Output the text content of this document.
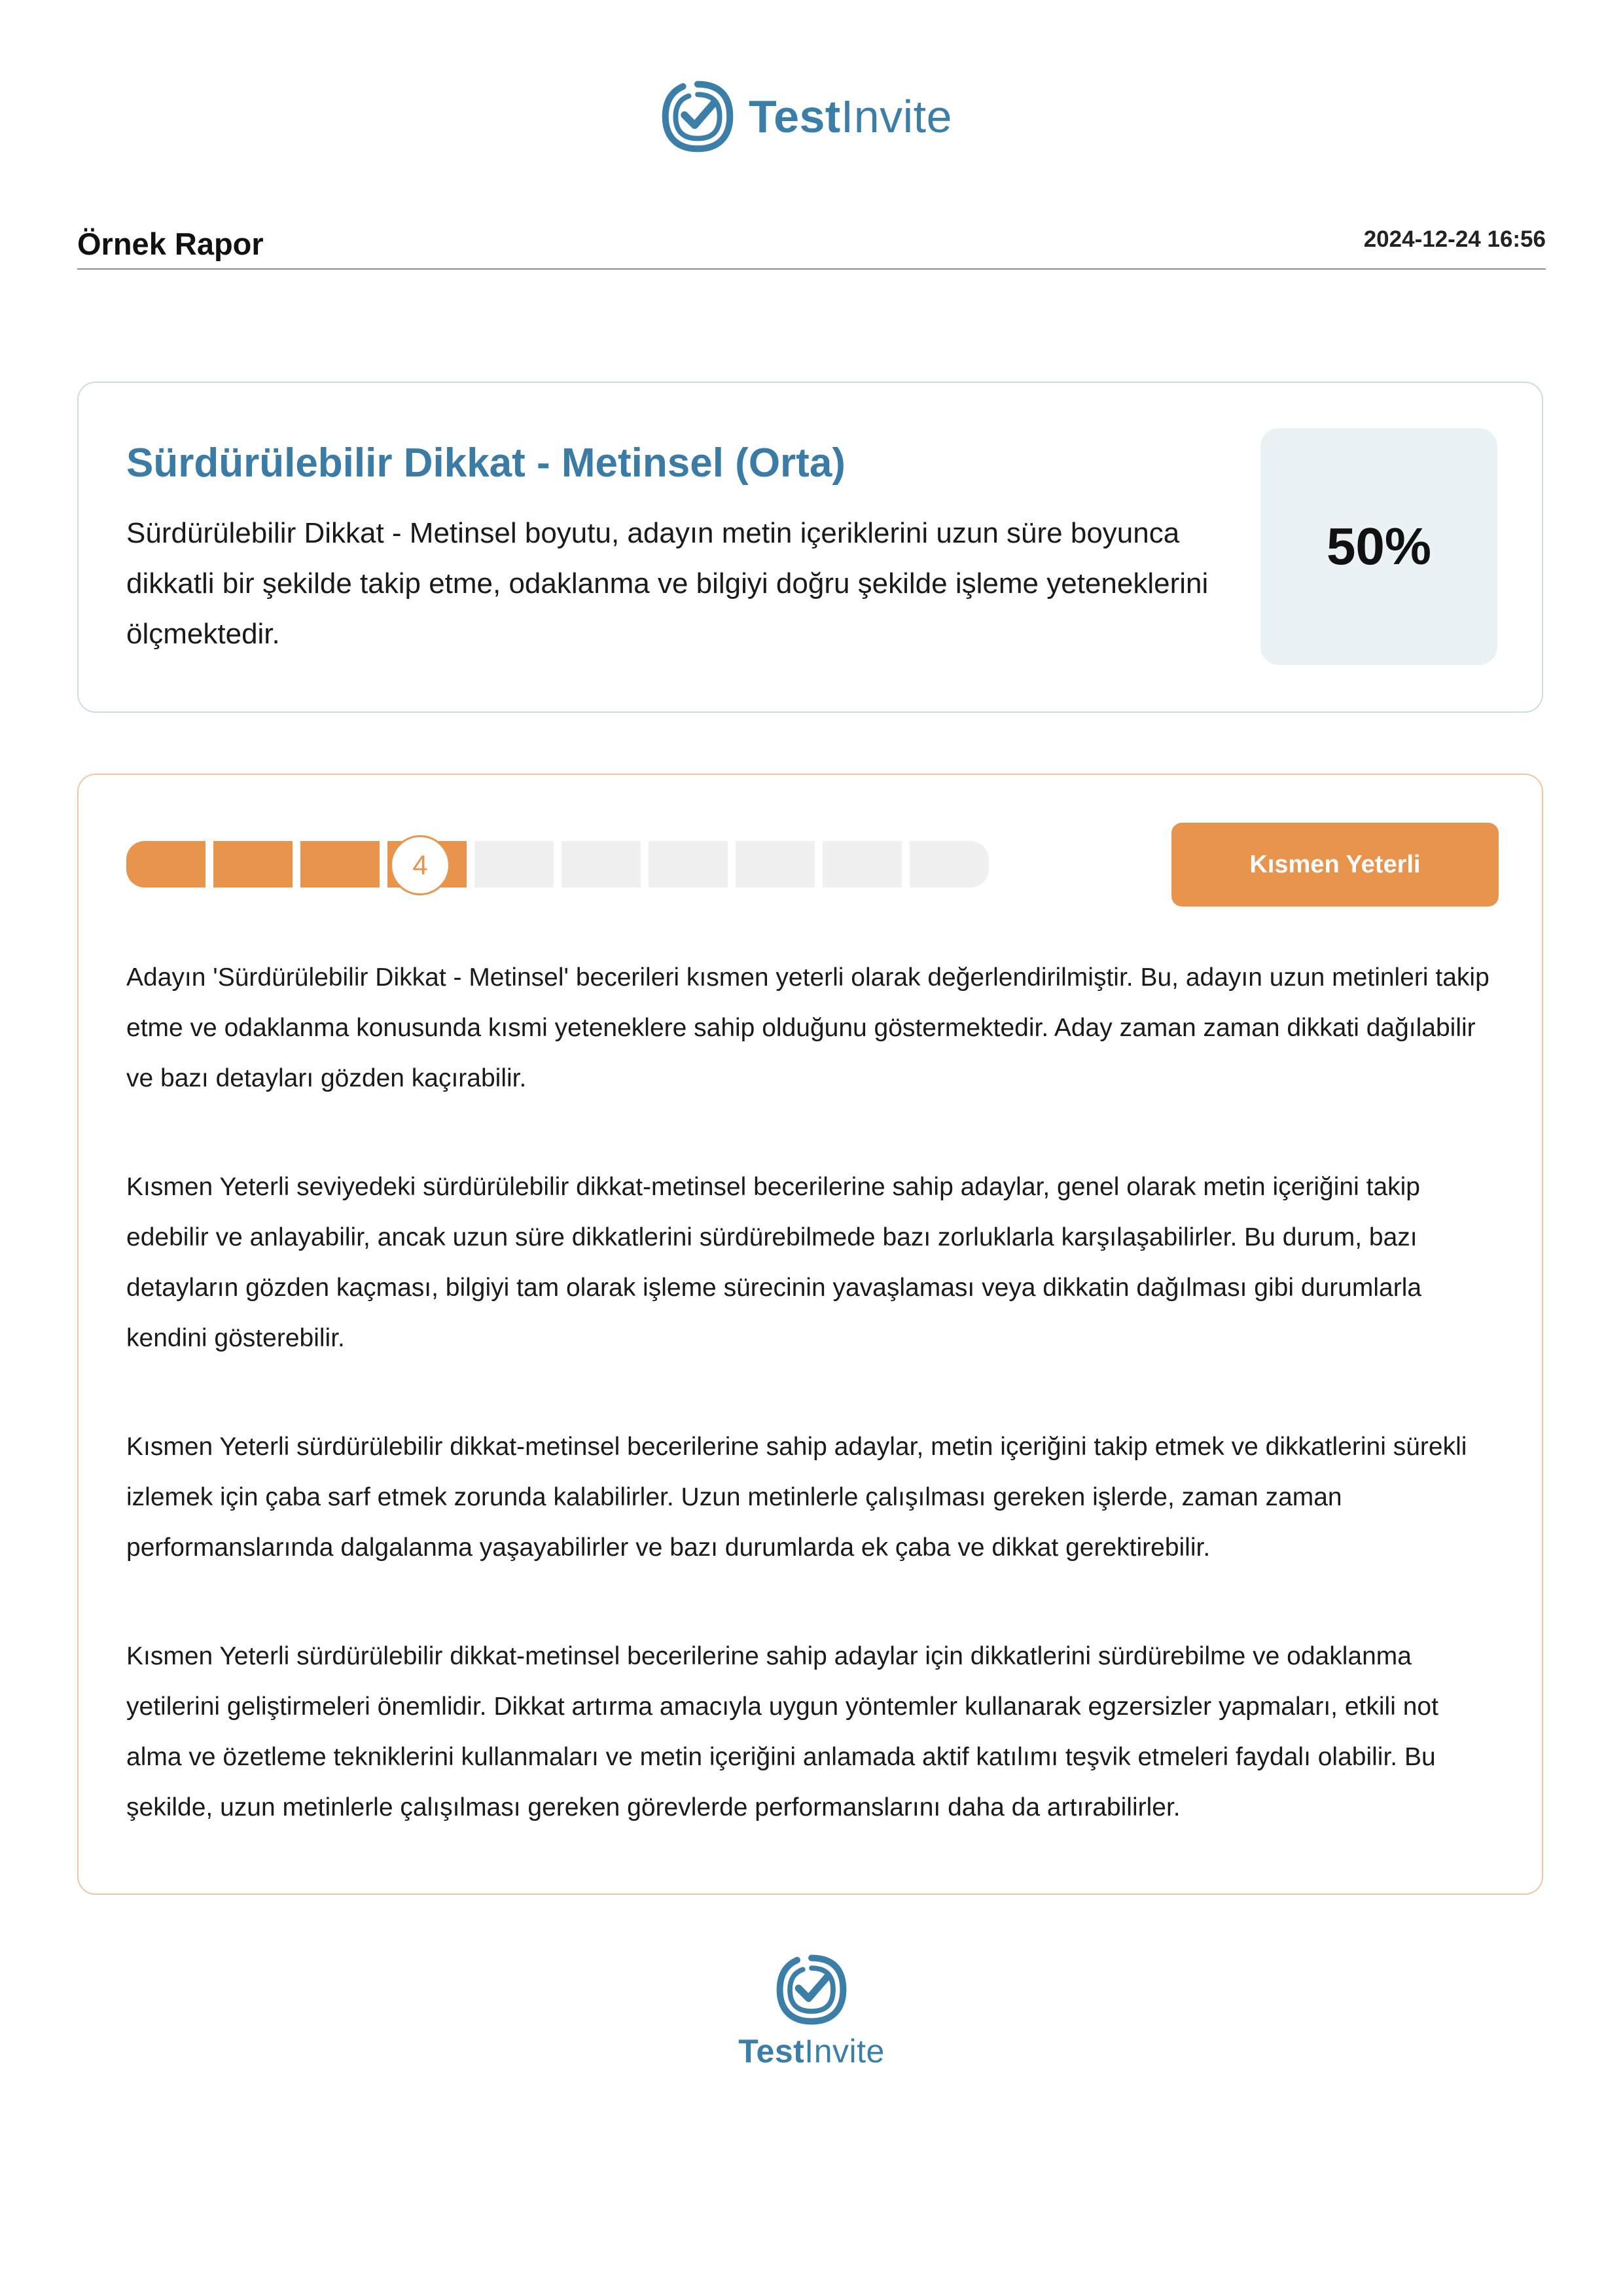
TestInvite
Örnek Rapor	2024-12-24 16:56
Sürdürülebilir Dikkat - Metinsel (Orta)
Sürdürülebilir Dikkat - Metinsel boyutu, adayın metin içeriklerini uzun süre boyunca dikkatli bir şekilde takip etme, odaklanma ve bilgiyi doğru şekilde işleme yeteneklerini ölçmektedir.
50%
4	Kısmen Yeterli
Adayın 'Sürdürülebilir Dikkat - Metinsel' becerileri kısmen yeterli olarak değerlendirilmiştir. Bu, adayın uzun metinleri takip etme ve odaklanma konusunda kısmi yeteneklere sahip olduğunu göstermektedir. Aday zaman zaman dikkati dağılabilir ve bazı detayları gözden kaçırabilir.
Kısmen Yeterli seviyedeki sürdürülebilir dikkat-metinsel becerilerine sahip adaylar, genel olarak metin içeriğini takip edebilir ve anlayabilir, ancak uzun süre dikkatlerini sürdürebilmede bazı zorluklarla karşılaşabilirler. Bu durum, bazı detayların gözden kaçması, bilgiyi tam olarak işleme sürecinin yavaşlaması veya dikkatin dağılması gibi durumlarla kendini gösterebilir.
Kısmen Yeterli sürdürülebilir dikkat-metinsel becerilerine sahip adaylar, metin içeriğini takip etmek ve dikkatlerini sürekli izlemek için çaba sarf etmek zorunda kalabilirler. Uzun metinlerle çalışılması gereken işlerde, zaman zaman performanslarında dalgalanma yaşayabilirler ve bazı durumlarda ek çaba ve dikkat gerektirebilir.
Kısmen Yeterli sürdürülebilir dikkat-metinsel becerilerine sahip adaylar için dikkatlerini sürdürebilme ve odaklanma yetilerini geliştirmeleri önemlidir. Dikkat artırma amacıyla uygun yöntemler kullanarak egzersizler yapmaları, etkili not alma ve özetleme tekniklerini kullanmaları ve metin içeriğini anlamada aktif katılımı teşvik etmeleri faydalı olabilir. Bu şekilde, uzun metinlerle çalışılması gereken görevlerde performanslarını daha da artırabilirler.
TestInvite
